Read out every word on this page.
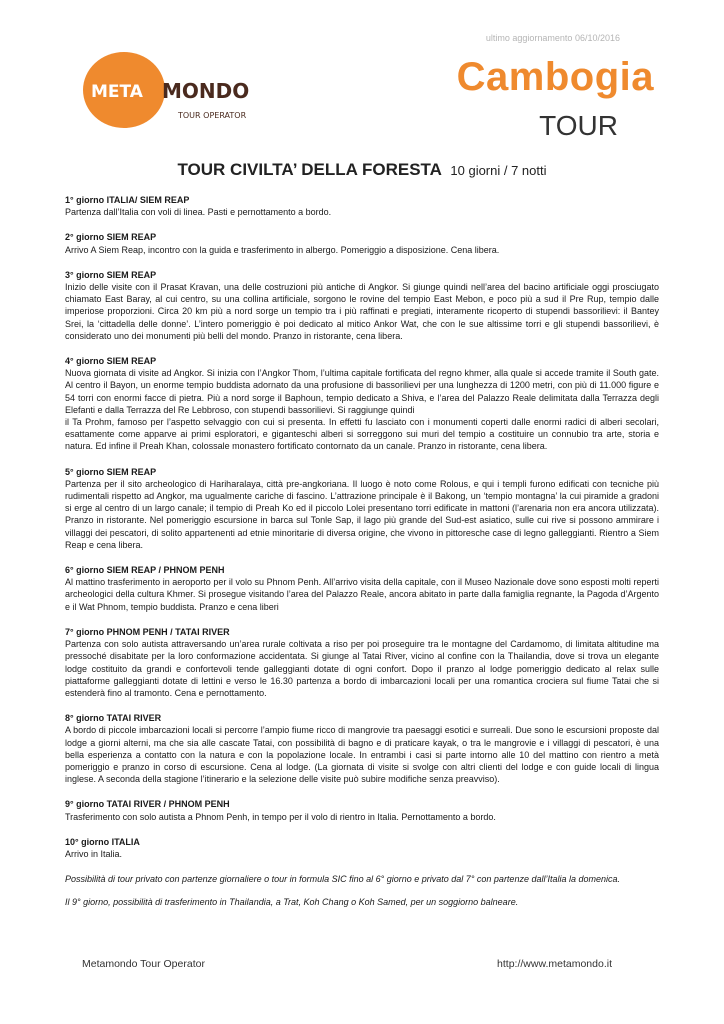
ultimo aggiornamento 06/10/2016
META MONDO
TOUR OPERATOR
Cambogia
TOUR
TOUR CIVILTA’ DELLA FORESTA 10 giorni / 7 notti
1° giorno ITALIA/ SIEM REAP
Partenza dall’Italia con voli di linea. Pasti e pernottamento a bordo.
2° giorno SIEM REAP
Arrivo A Siem Reap, incontro con la guida e trasferimento in albergo. Pomeriggio a disposizione. Cena libera.
3° giorno SIEM REAP
Inizio delle visite con il Prasat Kravan, una delle costruzioni più antiche di Angkor. Si giunge quindi nell’area del bacino artificiale oggi prosciugato chiamato East Baray, al cui centro, su una collina artificiale, sorgono le rovine del tempio East Mebon, e poco più a sud il Pre Rup, tempio dalle imperiose proporzioni. Circa 20 km più a nord sorge un tempio tra i più raffinati e pregiati, interamente ricoperto di stupendi bassorilievi: il Bantey Srei, la ‘cittadella delle donne’. L’intero pomeriggio è poi dedicato al mitico Ankor Wat, che con le sue altissime torri e gli stupendi bassorilievi, è considerato uno dei monumenti più belli del mondo. Pranzo in ristorante, cena libera.
4° giorno SIEM REAP
Nuova giornata di visite ad Angkor. Si inizia con l’Angkor Thom, l’ultima capitale fortificata del regno khmer, alla quale si accede tramite il South gate. Al centro il Bayon, un enorme tempio buddista adornato da una profusione di bassorilievi per una lunghezza di 1200 metri, con più di 11.000 figure e 54 torri con enormi facce di pietra. Più a nord sorge il Baphoun, tempio dedicato a Shiva, e l’area del Palazzo Reale delimitata dalla Terrazza degli Elefanti e dalla Terrazza del Re Lebbroso, con stupendi bassorilievi. Si raggiunge quindi
il Ta Prohm, famoso per l’aspetto selvaggio con cui si presenta. In effetti fu lasciato con i monumenti coperti dalle enormi radici di alberi secolari, esattamente come apparve ai primi esploratori, e giganteschi alberi si sorreggono sui muri del tempio a costituire un connubio tra arte, storia e natura. Ed infine il Preah Khan, colossale monastero fortificato contornato da un canale. Pranzo in ristorante, cena libera.
5° giorno SIEM REAP
Partenza per il sito archeologico di Hariharalaya, città pre-angkoriana. Il luogo è noto come Rolous, e qui i templi furono edificati con tecniche più rudimentali rispetto ad Angkor, ma ugualmente cariche di fascino. L’attrazione principale è il Bakong, un ‘tempio montagna’ la cui piramide a gradoni si erge al centro di un largo canale; il tempio di Preah Ko ed il piccolo Lolei presentano torri edificate in mattoni (l’arenaria non era ancora utilizzata). Pranzo in ristorante. Nel pomeriggio escursione in barca sul Tonle Sap, il lago più grande del Sud-est asiatico, sulle cui rive si possono ammirare i villaggi dei pescatori, di solito appartenenti ad etnie minoritarie di diversa origine, che vivono in pittoresche case di legno galleggianti. Rientro a Siem Reap e cena libera.
6° giorno SIEM REAP / PHNOM PENH
Al mattino trasferimento in aeroporto per il volo su Phnom Penh. All’arrivo visita della capitale, con il Museo Nazionale dove sono esposti molti reperti archeologici della cultura Khmer. Si prosegue visitando l’area del Palazzo Reale, ancora abitato in parte dalla famiglia regnante, la Pagoda d’Argento e il Wat Phnom, tempio buddista. Pranzo e cena liberi
7° giorno PHNOM PENH / TATAI RIVER
Partenza con solo autista attraversando un’area rurale coltivata a riso per poi proseguire tra le montagne del Cardamomo, di limitata altitudine ma pressoché disabitate per la loro conformazione accidentata. Si giunge al Tatai River, vicino al confine con la Thailandia, dove si trova un elegante lodge costituito da grandi e confortevoli tende galleggianti dotate di ogni confort. Dopo il pranzo al lodge pomeriggio dedicato al relax sulle piattaforme galleggianti dotate di lettini e verso le 16.30 partenza a bordo di imbarcazioni locali per una romantica crociera sul fiume Tatai che si estenderà fino al tramonto. Cena e pernottamento.
8° giorno TATAI RIVER
A bordo di piccole imbarcazioni locali si percorre l’ampio fiume ricco di mangrovie tra paesaggi esotici e surreali. Due sono le escursioni proposte dal lodge a giorni alterni, ma che sia alle cascate Tatai, con possibilità di bagno e di praticare kayak, o tra le mangrovie e i villaggi di pescatori, è una bella esperienza a contatto con la natura e con la popolazione locale. In entrambi i casi si parte intorno alle 10 del mattino con rientro a metà pomeriggio e pranzo in corso di escursione. Cena al lodge. (La giornata di visite si svolge con altri clienti del lodge e con guide locali di lingua inglese. A seconda della stagione l’itinerario e la selezione delle visite può subire modifiche senza preavviso).
9° giorno TATAI RIVER / PHNOM PENH
Trasferimento con solo autista a Phnom Penh, in tempo per il volo di rientro in Italia. Pernottamento a bordo.
10° giorno ITALIA
Arrivo in Italia.
Possibilità di tour privato con partenze giornaliere o tour in formula SIC fino al 6° giorno e privato dal 7° con partenze dall’Italia la domenica.
Il 9° giorno, possibilità di trasferimento in Thailandia, a Trat, Koh Chang o Koh Samed, per un soggiorno balneare.
Metamondo Tour Operator	http://www.metamondo.it
